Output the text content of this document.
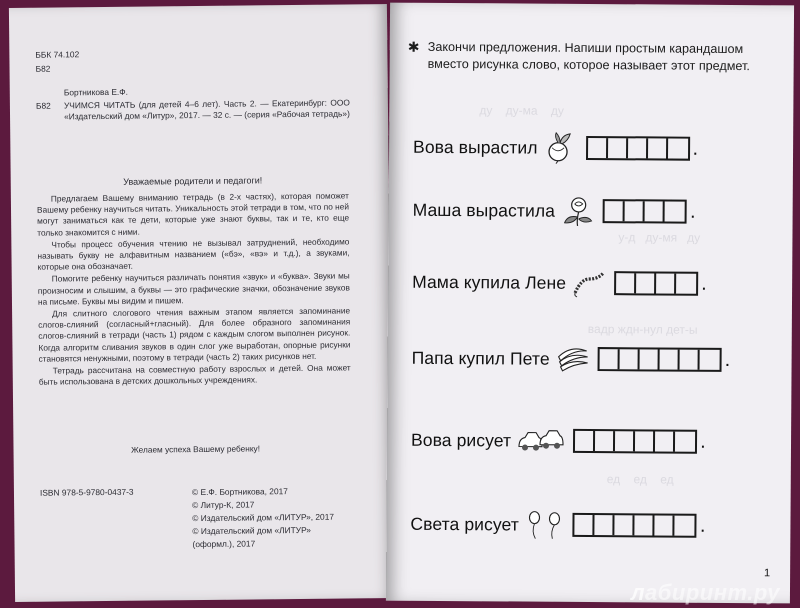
ББК 74.102
Б82
Бортникова Е.Ф.
Б82 УЧИМСЯ ЧИТАТЬ (для детей 4–6 лет). Часть 2. — Екатеринбург: ООО «Издательский дом «Литур», 2017. — 32 с. — (серия «Рабочая тетрадь»)
Уважаемые родители и педагоги!

Предлагаем Вашему вниманию тетрадь (в 2-х частях), которая поможет Вашему ребенку научиться читать. Уникальность этой тетради в том, что по ней могут заниматься как те дети, которые уже знают буквы, так и те, кто еще только знакомится с ними.

Чтобы процесс обучения чтению не вызывал затруднений, необходимо называть букву не алфавитным названием («бэ», «вэ» и т.д.), а звуками, которые она обозначает.

Помогите ребенку научиться различать понятия «звук» и «буква». Звуки мы произносим и слышим, а буквы — это графические значки, обозначение звуков на письме. Буквы мы видим и пишем.

Для слитного слогового чтения важным этапом является запоминание слогов-слияний (согласный+гласный). Для более образного запоминания слогов-слияний в тетради (часть 1) рядом с каждым слогом выполнен рисунок. Когда алгоритм сливания звуков в один слог уже выработан, опорные рисунки становятся ненужными, поэтому в тетради (часть 2) таких рисунков нет.

Тетрадь рассчитана на совместную работу взрослых и детей. Она может быть использована в детских дошкольных учреждениях.

Желаем успеха Вашему ребенку!
ISBN 978-5-9780-0437-3	© Е.Ф. Бортникова, 2017
© Литур-К, 2017
© Издательский дом «ЛИТУР», 2017
© Издательский дом «ЛИТУР»
(оформл.), 2017
ду    ду-ма    ду
у-д   ду-мя   ду
вадр ждн-нул дет-ы
ед    ед    ед
✱ Закончи предложения. Напиши простым карандашом вместо рисунка слово, которое называет этот предмет.
Вова вырастил	.
Маша вырастила	.
Мама купила Лене	.
Папа купил Пете	.
Вова рисует	.
Света рисует	.
1
лабиринт.ру
